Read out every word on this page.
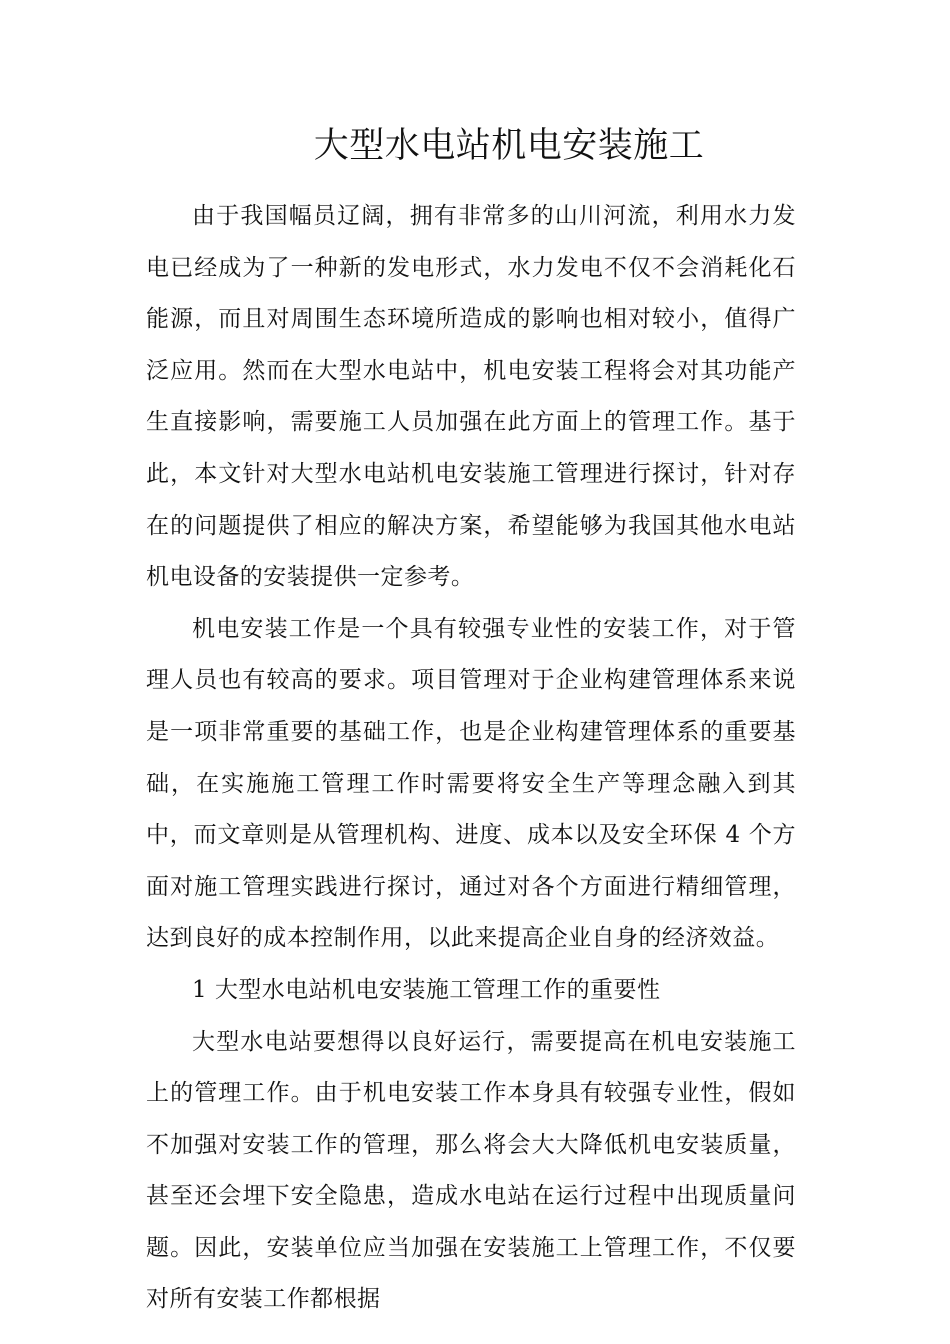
大型水电站机电安装施工

由于我国幅员辽阔，拥有非常多的山川河流，利用水力发电已经成为了一种新的发电形式，水力发电不仅不会消耗化石能源，而且对周围生态环境所造成的影响也相对较小，值得广泛应用。然而在大型水电站中，机电安装工程将会对其功能产生直接影响，需要施工人员加强在此方面上的管理工作。基于此，本文针对大型水电站机电安装施工管理进行探讨，针对存在的问题提供了相应的解决方案，希望能够为我国其他水电站机电设备的安装提供一定参考。

机电安装工作是一个具有较强专业性的安装工作，对于管理人员也有较高的要求。项目管理对于企业构建管理体系来说是一项非常重要的基础工作，也是企业构建管理体系的重要基础，在实施施工管理工作时需要将安全生产等理念融入到其中，而文章则是从管理机构、进度、成本以及安全环保 4 个方面对施工管理实践进行探讨，通过对各个方面进行精细管理，达到良好的成本控制作用，以此来提高企业自身的经济效益。

1 大型水电站机电安装施工管理工作的重要性

大型水电站要想得以良好运行，需要提高在机电安装施工上的管理工作。由于机电安装工作本身具有较强专业性，假如不加强对安装工作的管理，那么将会大大降低机电安装质量，甚至还会埋下安全隐患，造成水电站在运行过程中出现质量问题。因此，安装单位应当加强在安装施工上管理工作，不仅要对所有安装工作都根据
